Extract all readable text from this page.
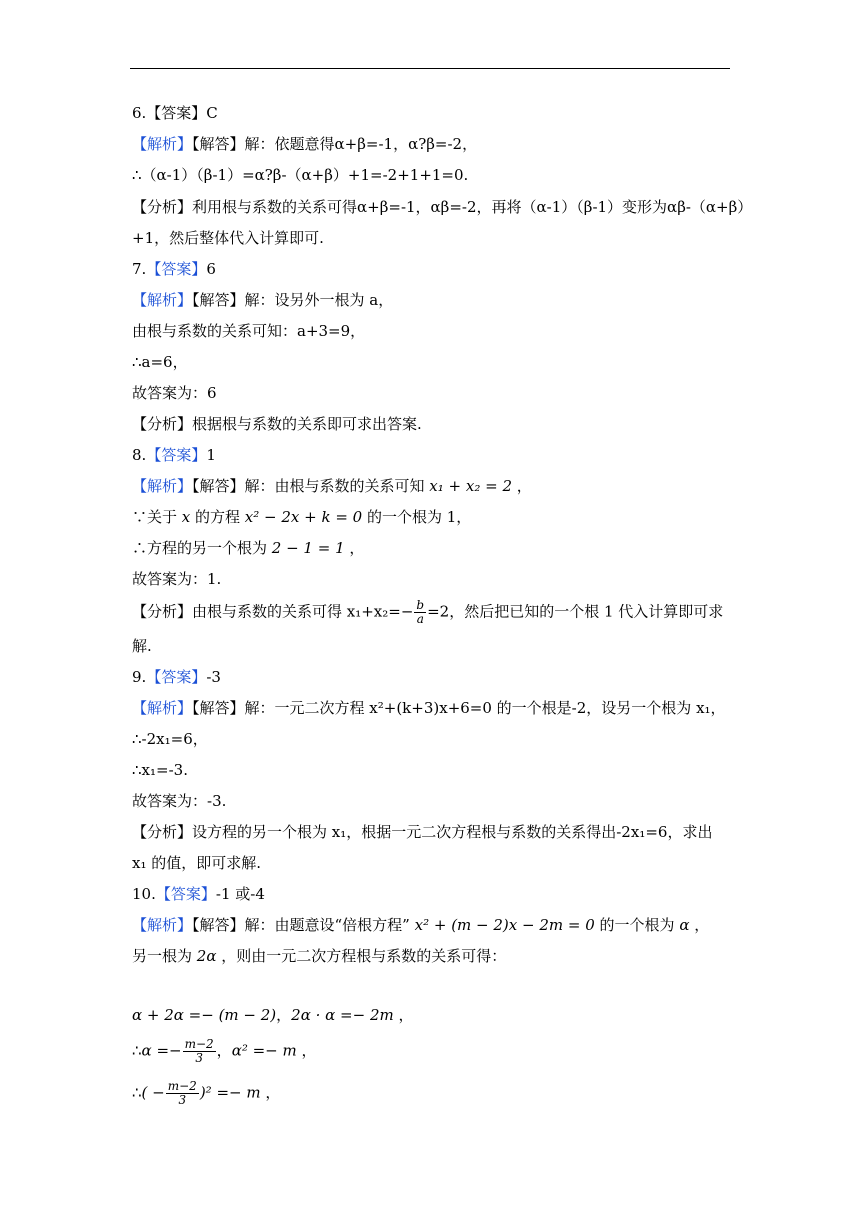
6.【答案】C
【解析】【解答】解：依题意得α+β=-1，α?β=-2，
∴（α-1）（β-1）=α?β-（α+β）+1=-2+1+1=0.
【分析】利用根与系数的关系可得α+β=-1，αβ=-2，再将（α-1）（β-1）变形为αβ-（α+β）
+1，然后整体代入计算即可.
7.【答案】6
【解析】【解答】解：设另外一根为 a，
由根与系数的关系可知：a+3=9，
∴a=6，
故答案为：6
【分析】根据根与系数的关系即可求出答案.
8.【答案】1
【解析】【解答】解：由根与系数的关系可知 x₁ + x₂ = 2 ，
∵关于 x 的方程 x² − 2x + k = 0 的一个根为 1，
∴方程的另一个根为 2 − 1 = 1 ，
故答案为：1.
【分析】由根与系数的关系可得 $x_1+x_2=- \frac{b}{a} =2$，然后把已知的一个根 1 代入计算即可求
解.
9.【答案】-3
【解析】【解答】解：一元二次方程 x²+(k+3)x+6=0 的一个根是-2，设另一个根为 x₁，
∴-2x₁=6，
∴x₁=-3.
故答案为：-3.
【分析】设方程的另一个根为 x₁，根据一元二次方程根与系数的关系得出-2x₁=6，求出
x₁ 的值，即可求解.
10.【答案】-1 或-4
【解析】【解答】解：由题意设“倍根方程” x² + (m − 2)x − 2m = 0 的一个根为 α ，
另一根为 2α ，则由一元二次方程根与系数的关系可得：
α + 2α =− (m − 2)，2α · α =− 2m ，
∴α =− $\frac{m-2}{3}$ ，α² =− m ，
∴( − $\frac{m-2}{3} )^2 =- m$ ，
